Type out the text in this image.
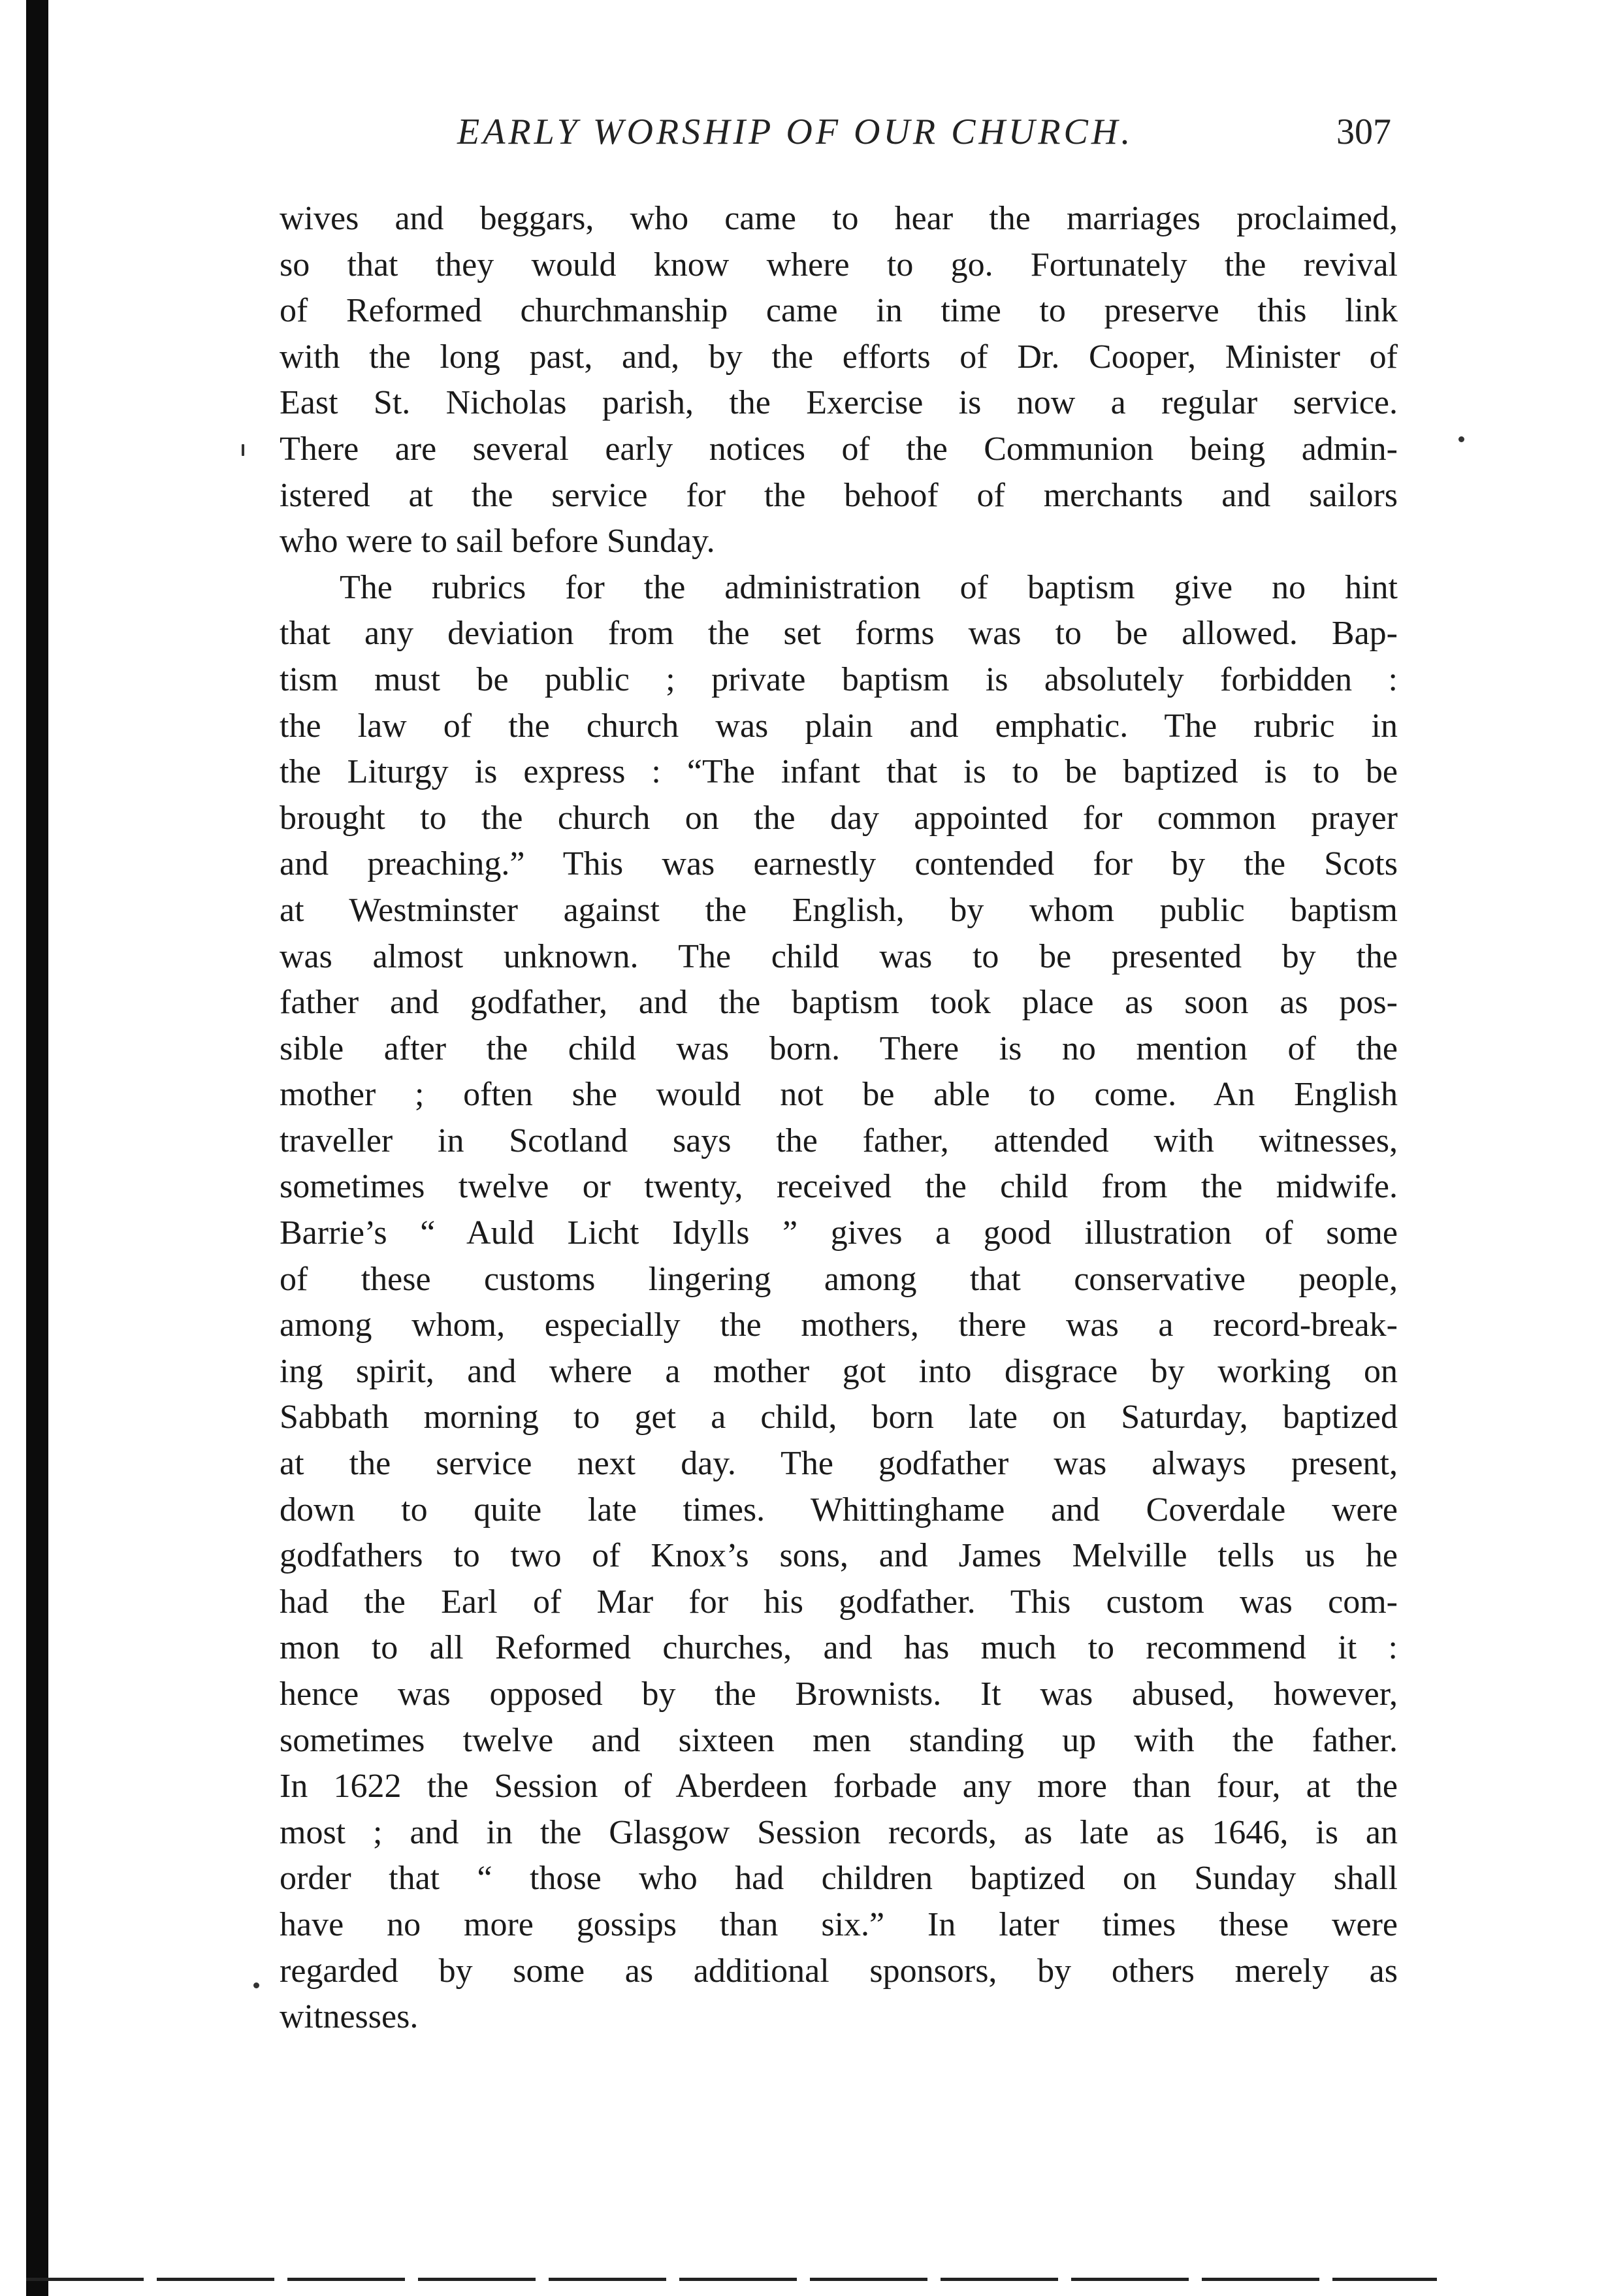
EARLY WORSHIP OF OUR CHURCH.	307
wives and beggars, who came to hear the marriages proclaimed,
so that they would know where to go. Fortunately the revival
of Reformed churchmanship came in time to preserve this link
with the long past, and, by the efforts of Dr. Cooper, Minister of
East St. Nicholas parish, the Exercise is now a regular service.
There are several early notices of the Communion being admin-
istered at the service for the behoof of merchants and sailors
who were to sail before Sunday.
The rubrics for the administration of baptism give no hint
that any deviation from the set forms was to be allowed. Bap-
tism must be public ; private baptism is absolutely forbidden :
the law of the church was plain and emphatic. The rubric in
the Liturgy is express : “The infant that is to be baptized is to be
brought to the church on the day appointed for common prayer
and preaching.” This was earnestly contended for by the Scots
at Westminster against the English, by whom public baptism
was almost unknown. The child was to be presented by the
father and godfather, and the baptism took place as soon as pos-
sible after the child was born. There is no mention of the
mother ; often she would not be able to come. An English
traveller in Scotland says the father, attended with witnesses,
sometimes twelve or twenty, received the child from the midwife.
Barrie’s “ Auld Licht Idylls ” gives a good illustration of some
of these customs lingering among that conservative people,
among whom, especially the mothers, there was a record-break-
ing spirit, and where a mother got into disgrace by working on
Sabbath morning to get a child, born late on Saturday, baptized
at the service next day. The godfather was always present,
down to quite late times. Whittinghame and Coverdale were
godfathers to two of Knox’s sons, and James Melville tells us he
had the Earl of Mar for his godfather. This custom was com-
mon to all Reformed churches, and has much to recommend it :
hence was opposed by the Brownists. It was abused, however,
sometimes twelve and sixteen men standing up with the father.
In 1622 the Session of Aberdeen forbade any more than four, at the
most ; and in the Glasgow Session records, as late as 1646, is an
order that “ those who had children baptized on Sunday shall
have no more gossips than six.” In later times these were
regarded by some as additional sponsors, by others merely as
witnesses.
